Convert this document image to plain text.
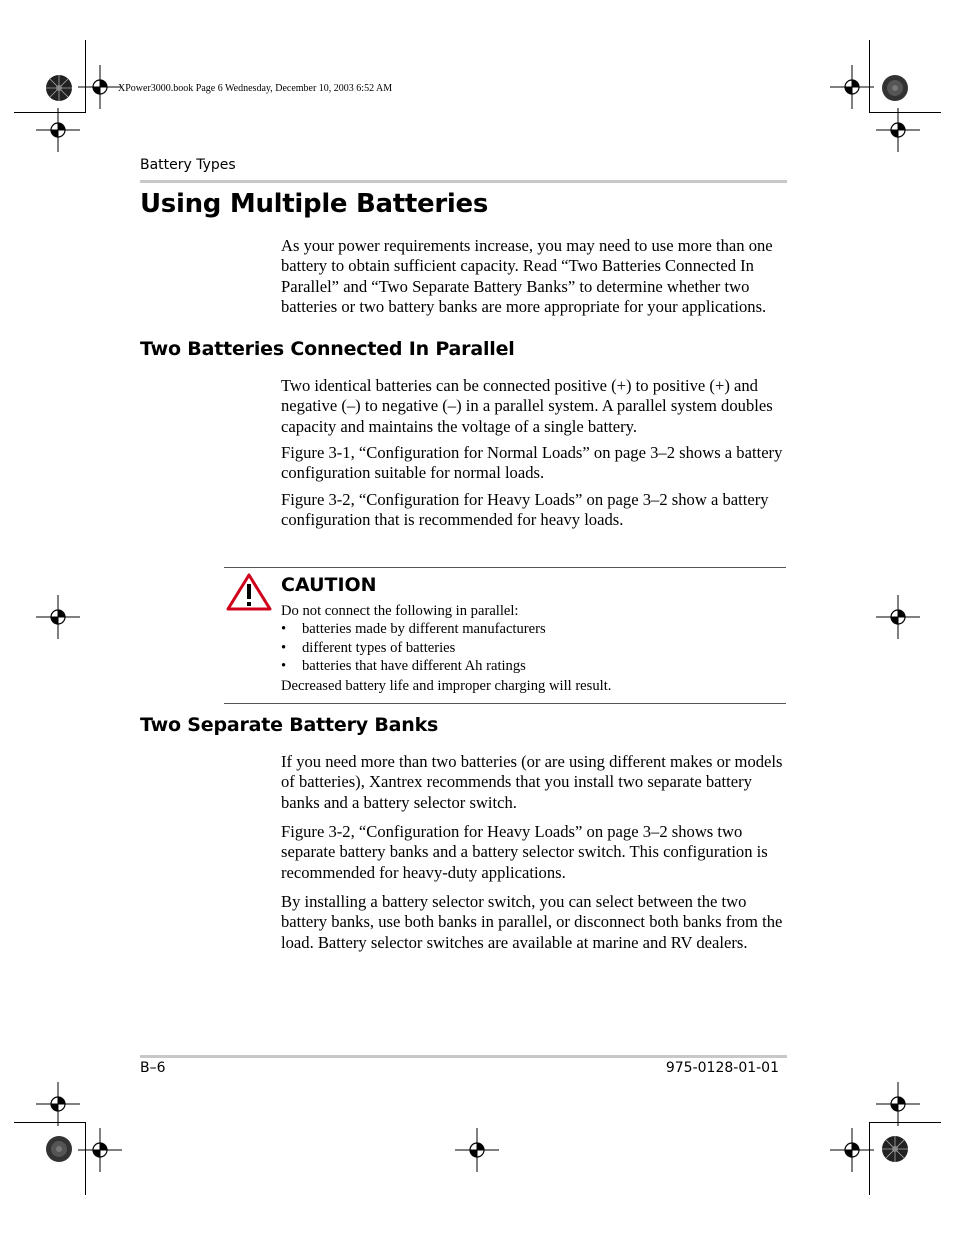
XPower3000.book Page 6 Wednesday, December 10, 2003 6:52 AM
Battery Types
Using Multiple Batteries
As your power requirements increase, you may need to use more than one battery to obtain sufficient capacity. Read “Two Batteries Connected In Parallel” and “Two Separate Battery Banks” to determine whether two batteries or two battery banks are more appropriate for your applications.
Two Batteries Connected In Parallel
Two identical batteries can be connected positive (+) to positive (+) and negative (–) to negative (–) in a parallel system. A parallel system doubles capacity and maintains the voltage of a single battery.
Figure 3-1, “Configuration for Normal Loads” on page 3–2 shows a battery configuration suitable for normal loads.
Figure 3-2, “Configuration for Heavy Loads” on page 3–2 show a battery configuration that is recommended for heavy loads.
CAUTION
Do not connect the following in parallel:
• batteries made by different manufacturers
• different types of batteries
• batteries that have different Ah ratings
Decreased battery life and improper charging will result.
Two Separate Battery Banks
If you need more than two batteries (or are using different makes or models of batteries), Xantrex recommends that you install two separate battery banks and a battery selector switch.
Figure 3-2, “Configuration for Heavy Loads” on page 3–2 shows two separate battery banks and a battery selector switch. This configuration is recommended for heavy-duty applications.
By installing a battery selector switch, you can select between the two battery banks, use both banks in parallel, or disconnect both banks from the load. Battery selector switches are available at marine and RV dealers.
B–6	975-0128-01-01
